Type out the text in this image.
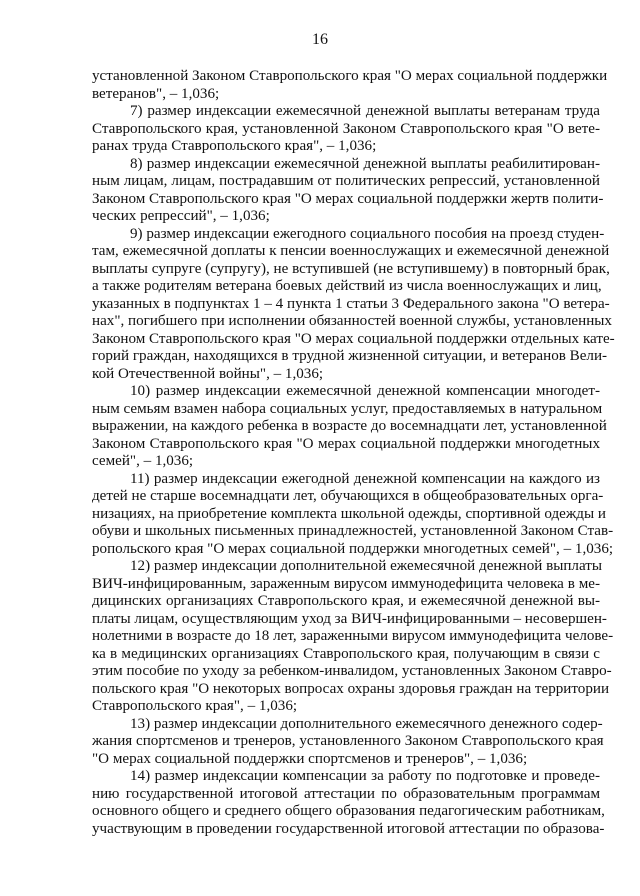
16
установленной Законом Ставропольского края "О мерах социальной поддержки
ветеранов", – 1,036;
7) размер индексации ежемесячной денежной выплаты ветеранам труда
Ставропольского края, установленной Законом Ставропольского края "О вете-
ранах труда Ставропольского края", – 1,036;
8) размер индексации ежемесячной денежной выплаты реабилитирован-
ным лицам, лицам, пострадавшим от политических репрессий, установленной
Законом Ставропольского края "О мерах социальной поддержки жертв полити-
ческих репрессий", – 1,036;
9) размер индексации ежегодного социального пособия на проезд студен-
там, ежемесячной доплаты к пенсии военнослужащих и ежемесячной денежной
выплаты супруге (супругу), не вступившей (не вступившему) в повторный брак,
а также родителям ветерана боевых действий из числа военнослужащих и лиц,
указанных в подпунктах 1 – 4 пункта 1 статьи 3 Федерального закона "О ветера-
нах", погибшего при исполнении обязанностей военной службы, установленных
Законом Ставропольского края "О мерах социальной поддержки отдельных кате-
горий граждан, находящихся в трудной жизненной ситуации, и ветеранов Вели-
кой Отечественной войны", – 1,036;
10) размер индексации ежемесячной денежной компенсации многодет-
ным семьям взамен набора социальных услуг, предоставляемых в натуральном
выражении, на каждого ребенка в возрасте до восемнадцати лет, установленной
Законом Ставропольского края "О мерах социальной поддержки многодетных
семей", – 1,036;
11) размер индексации ежегодной денежной компенсации на каждого из
детей не старше восемнадцати лет, обучающихся в общеобразовательных орга-
низациях, на приобретение комплекта школьной одежды, спортивной одежды и
обуви и школьных письменных принадлежностей, установленной Законом Став-
ропольского края "О мерах социальной поддержки многодетных семей", – 1,036;
12) размер индексации дополнительной ежемесячной денежной выплаты
ВИЧ-инфицированным, зараженным вирусом иммунодефицита человека в ме-
дицинских организациях Ставропольского края, и ежемесячной денежной вы-
платы лицам, осуществляющим уход за ВИЧ-инфицированными – несовершен-
нолетними в возрасте до 18 лет, зараженными вирусом иммунодефицита челове-
ка в медицинских организациях Ставропольского края, получающим в связи с
этим пособие по уходу за ребенком-инвалидом, установленных Законом Ставро-
польского края "О некоторых вопросах охраны здоровья граждан на территории
Ставропольского края", – 1,036;
13) размер индексации дополнительного ежемесячного денежного содер-
жания спортсменов и тренеров, установленного Законом Ставропольского края
"О мерах социальной поддержки спортсменов и тренеров", – 1,036;
14) размер индексации компенсации за работу по подготовке и проведе-
нию государственной итоговой аттестации по образовательным программам
основного общего и среднего общего образования педагогическим работникам,
участвующим в проведении государственной итоговой аттестации по образова-
